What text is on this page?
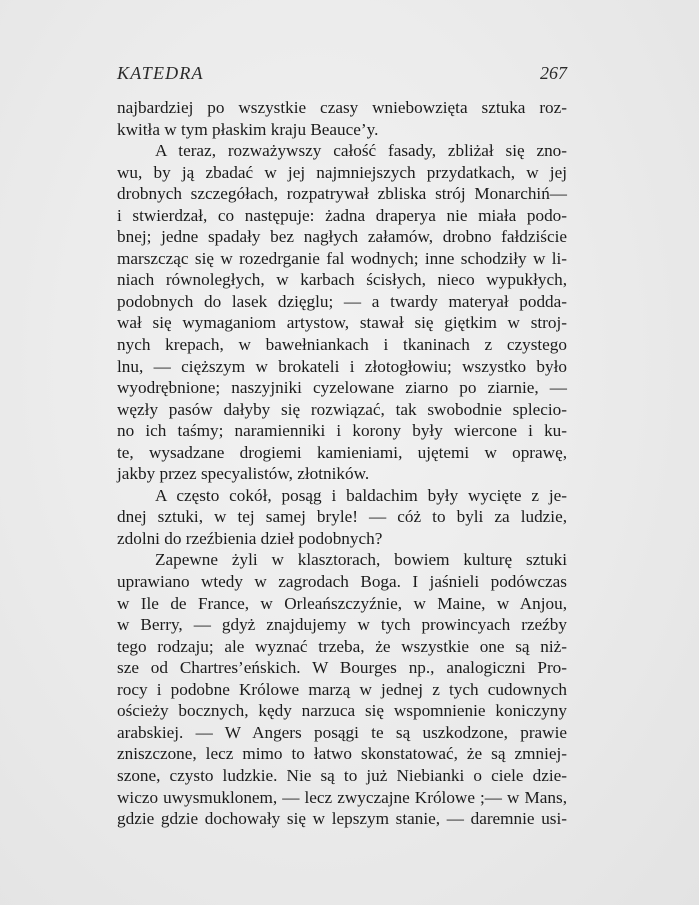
KATEDRA	267
najbardziej po wszystkie czasy wniebowzięta sztuka roz-
kwitła w tym płaskim kraju Beauce’y.
A teraz, rozważywszy całość fasady, zbliżał się zno-
wu, by ją zbadać w jej najmniejszych przydatkach, w jej
drobnych szczegółach, rozpatrywał zbliska strój Monarchiń—
i stwierdzał, co następuje: żadna draperya nie miała podo-
bnej; jedne spadały bez nagłych załamów, drobno fałdziście
marszcząc się w rozedrganie fal wodnych; inne schodziły w li-
niach równoległych, w karbach ścisłych, nieco wypukłych,
podobnych do lasek dzięglu; — a twardy materyał podda-
wał się wymaganiom artystow, stawał się giętkim w stroj-
nych krepach, w bawełniankach i tkaninach z czystego
lnu, — cięższym w brokateli i złotogłowiu; wszystko było
wyodrębnione; naszyjniki cyzelowane ziarno po ziarnie, —
węzły pasów dałyby się rozwiązać, tak swobodnie splecio-
no ich taśmy; naramienniki i korony były wiercone i ku-
te, wysadzane drogiemi kamieniami, ujętemi w oprawę,
jakby przez specyalistów, złotników.
A często cokół, posąg i baldachim były wycięte z je-
dnej sztuki, w tej samej bryle! — cóż to byli za ludzie,
zdolni do rzeźbienia dzieł podobnych?
Zapewne żyli w klasztorach, bowiem kulturę sztuki
uprawiano wtedy w zagrodach Boga. I jaśnieli podówczas
w Ile de France, w Orleańszczyźnie, w Maine, w Anjou,
w Berry, — gdyż znajdujemy w tych prowincyach rzeźby
tego rodzaju; ale wyznać trzeba, że wszystkie one są niż-
sze od Chartres’eńskich. W Bourges np., analogiczni Pro-
rocy i podobne Królowe marzą w jednej z tych cudownych
ościeży bocznych, kędy narzuca się wspomnienie koniczyny
arabskiej. — W Angers posągi te są uszkodzone, prawie
zniszczone, lecz mimo to łatwo skonstatować, że są zmniej-
szone, czysto ludzkie. Nie są to już Niebianki o ciele dzie-
wiczo uwysmuklonem, — lecz zwyczajne Królowe ;— w Mans,
gdzie gdzie dochowały się w lepszym stanie, — daremnie usi-
